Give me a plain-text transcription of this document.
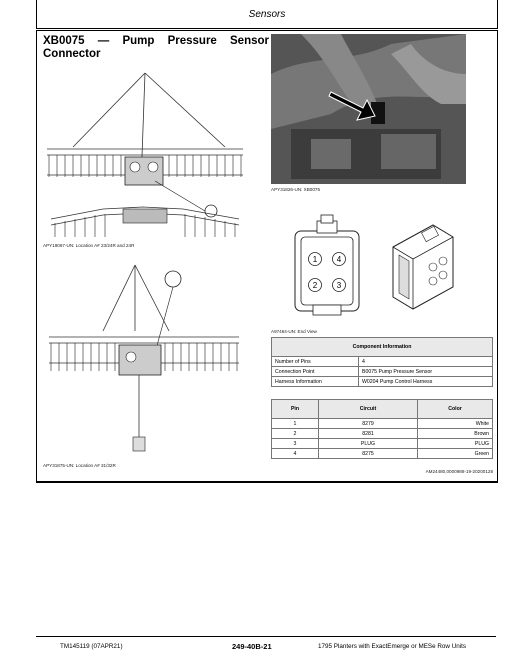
Sensors
XB0075 — Pump Pressure Sensor Connector
APY19067-UN: Location A# 23/24R and 24R
APY31875-UN: Location A# 31/32R
APY31826-UN: XB0075
1 4
2 3
A97464-UN: End View
Component Information	
Number of Pins	4
Connection Point	B0075 Pump Pressure Sensor
Harness Information	W0204 Pump Control Harness
Pin	Circuit	Color
1	8279	White
2	8281	Brown
3	PLUG	PLUG
4	8275	Green
AM24480,0000988-19-20200128
TM145119 (07APR21)	249-40B-21	1795 Planters with ExactEmerge or MESe Row Units
